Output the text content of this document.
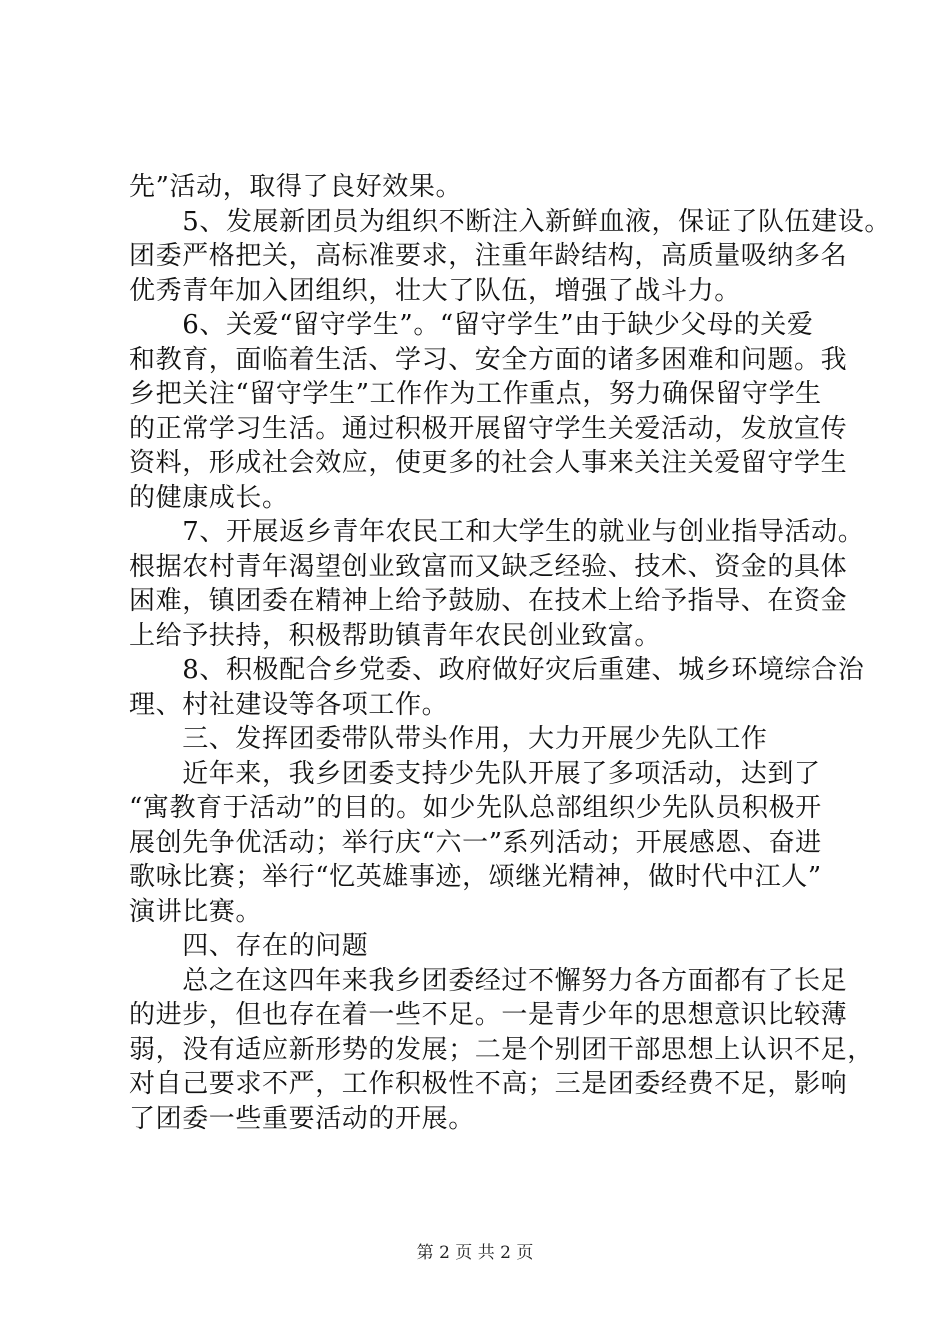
先”活动，取得了良好效果。
　　5、发展新团员为组织不断注入新鲜血液，保证了队伍建设。
团委严格把关，高标准要求，注重年龄结构，高质量吸纳多名
优秀青年加入团组织，壮大了队伍，增强了战斗力。
　　6、关爱“留守学生”。“留守学生”由于缺少父母的关爱
和教育，面临着生活、学习、安全方面的诸多困难和问题。我
乡把关注“留守学生”工作作为工作重点，努力确保留守学生
的正常学习生活。通过积极开展留守学生关爱活动，发放宣传
资料，形成社会效应，使更多的社会人事来关注关爱留守学生
的健康成长。
　　7、开展返乡青年农民工和大学生的就业与创业指导活动。
根据农村青年渴望创业致富而又缺乏经验、技术、资金的具体
困难，镇团委在精神上给予鼓励、在技术上给予指导、在资金
上给予扶持，积极帮助镇青年农民创业致富。
　　8、积极配合乡党委、政府做好灾后重建、城乡环境综合治
理、村社建设等各项工作。
　　三、发挥团委带队带头作用，大力开展少先队工作
　　近年来，我乡团委支持少先队开展了多项活动，达到了
“寓教育于活动”的目的。如少先队总部组织少先队员积极开
展创先争优活动；举行庆“六一”系列活动；开展感恩、奋进
歌咏比赛；举行“忆英雄事迹，颂继光精神，做时代中江人”
演讲比赛。
　　四、存在的问题
　　总之在这四年来我乡团委经过不懈努力各方面都有了长足
的进步，但也存在着一些不足。一是青少年的思想意识比较薄
弱，没有适应新形势的发展；二是个别团干部思想上认识不足，
对自己要求不严，工作积极性不高；三是团委经费不足，影响
了团委一些重要活动的开展。
第 2 页 共 2 页
